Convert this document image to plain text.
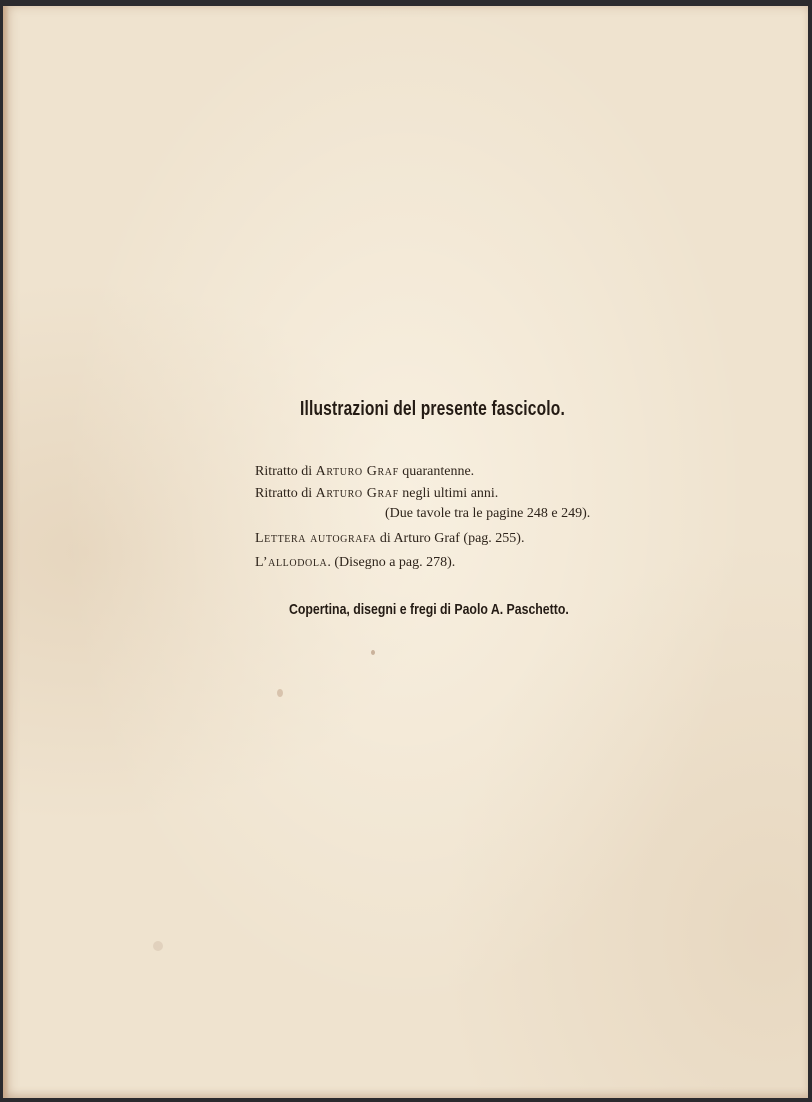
Illustrazioni del presente fascicolo.
Ritratto di Arturo Graf quarantenne.
Ritratto di Arturo Graf negli ultimi anni.
(Due tavole tra le pagine 248 e 249).
Lettera autografa di Arturo Graf (pag. 255).
L’allodola. (Disegno a pag. 278).

Copertina, disegni e fregi di Paolo A. Paschetto.
